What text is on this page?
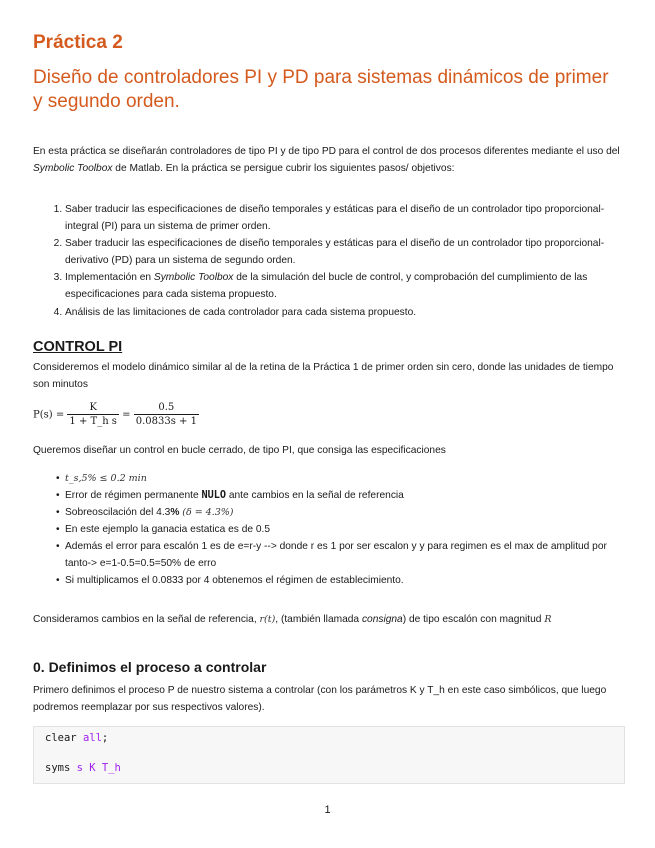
Práctica 2
Diseño de controladores PI y PD para sistemas dinámicos de primer y segundo orden.

En esta práctica se diseñarán controladores de tipo PI y de tipo PD para el control de dos procesos diferentes mediante el uso del Symbolic Toolbox de Matlab. En la práctica se persigue cubrir los siguientes pasos/ objetivos:

1. Saber traducir las especificaciones de diseño temporales y estáticas para el diseño de un controlador tipo proporcional-integral (PI) para un sistema de primer orden.
2. Saber traducir las especificaciones de diseño temporales y estáticas para el diseño de un controlador tipo proporcional-derivativo (PD) para un sistema de segundo orden.
3. Implementación en Symbolic Toolbox de la simulación del bucle de control, y comprobación del cumplimiento de las especificaciones para cada sistema propuesto.
4. Análisis de las limitaciones de cada controlador para cada sistema propuesto.
CONTROL PI

Consideremos el modelo dinámico similar al de la retina de la Práctica 1 de primer orden sin cero, donde las unidades de tiempo son minutos

$P(s) = \frac{K}{\text{1 + T\_h s}} = \frac{0.5}{0.0833s + 1}$

Queremos diseñar un control en bucle cerrado, de tipo PI, que consiga las especificaciones

• t_s,5% ≤ 0.2 min
• Error de régimen permanente NULO ante cambios en la señal de referencia
• Sobreoscilación del 4.3% (δ = 4.3%)
• En este ejemplo la ganacia estatica es de 0.5
• Además el error para escalón 1 es de e=r-y --> donde r es 1 por ser escalon y y para regimen es el max de amplitud por tanto-> e=1-0.5=0.5=50% de erro
• Si multiplicamos el 0.0833 por 4 obtenemos el régimen de establecimiento.

Consideramos cambios en la señal de referencia, r(t), (también llamada consigna) de tipo escalón con magnitud R

0. Definimos el proceso a controlar

Primero definimos el proceso P de nuestro sistema a controlar (con los parámetros K y T_h en este caso simbólicos, que luego podremos reemplazar por sus respectivos valores).

clear all;
syms s K T_h
1
